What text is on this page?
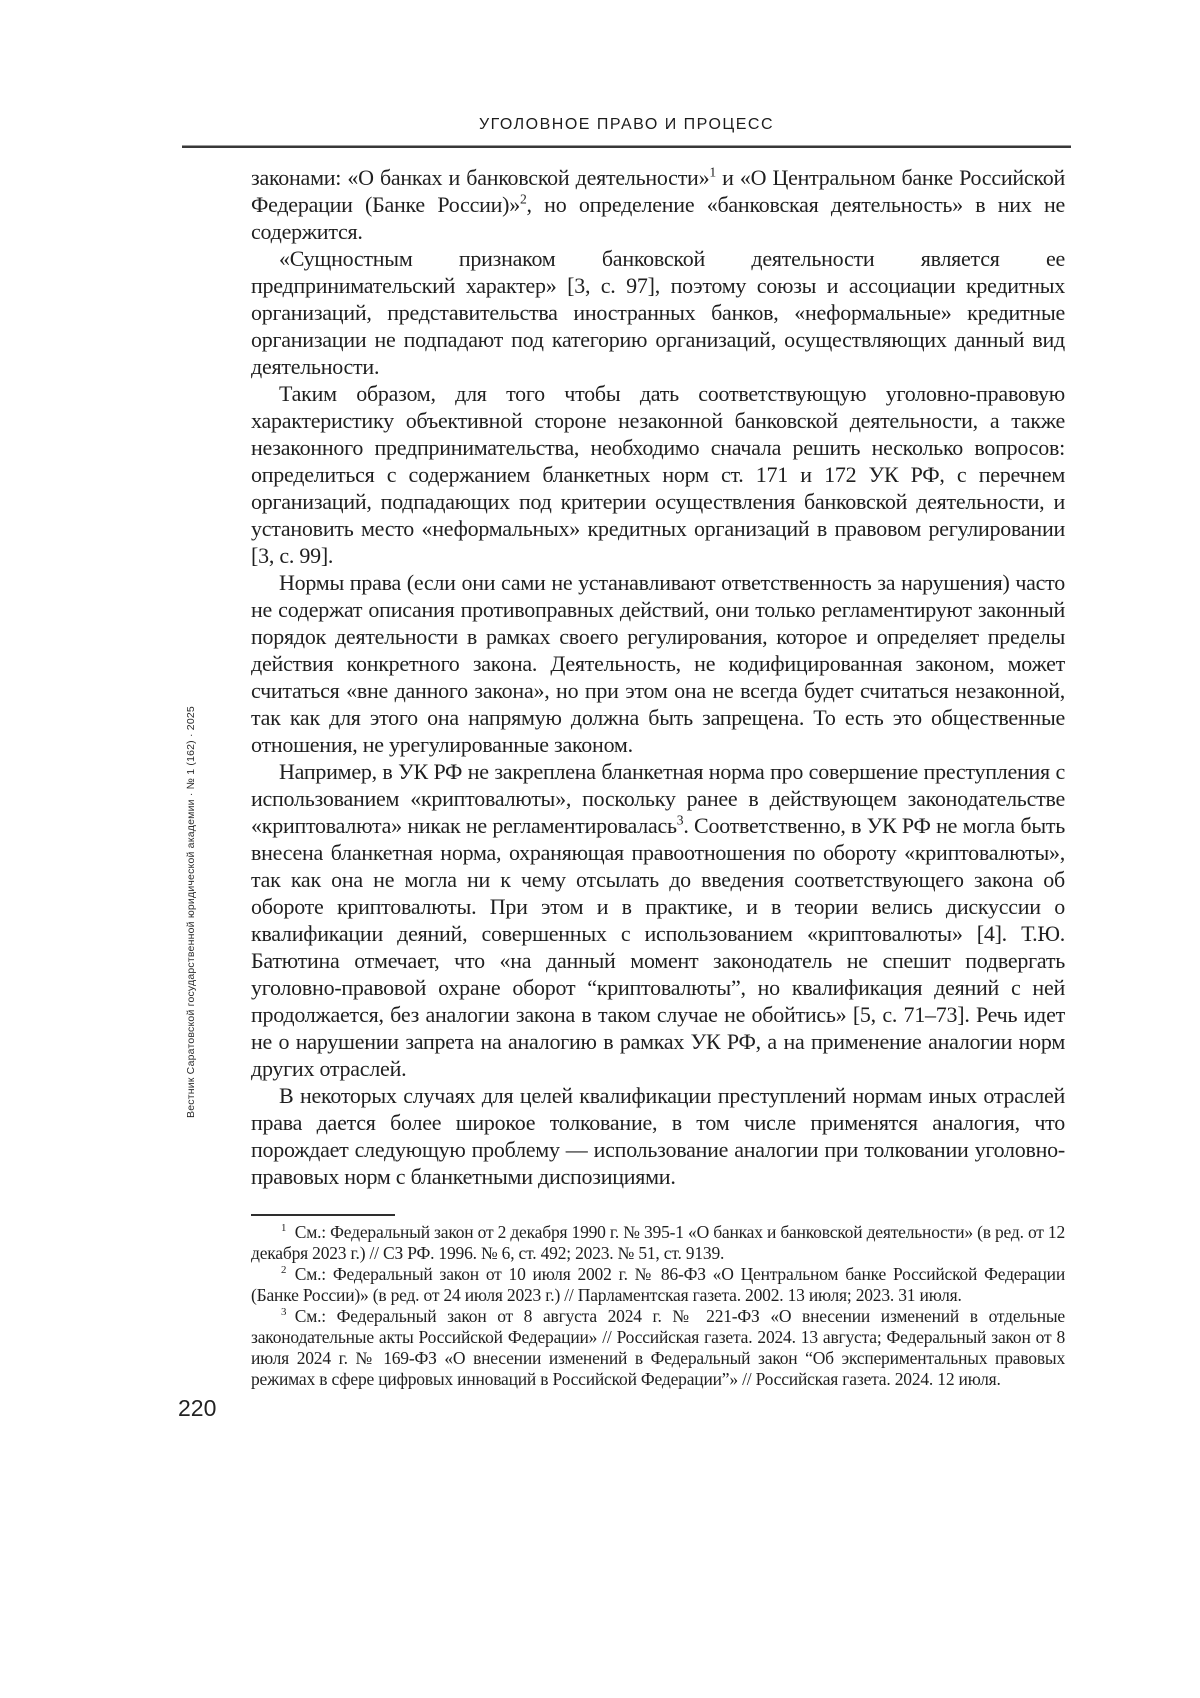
УГОЛОВНОЕ ПРАВО И ПРОЦЕСС

законами: «О банках и банковской деятельности»$^1$ и «О Центральном банке Российской Федерации (Банке России)»$^2$, но определение «банковская деятельность» в них не содержится.

«Сущностным признаком банковской деятельности является ее предпринимательский характер» [3, с. 97], поэтому союзы и ассоциации кредитных организаций, представительства иностранных банков, «неформальные» кредитные организации не подпадают под категорию организаций, осуществляющих данный вид деятельности.

Таким образом, для того чтобы дать соответствующую уголовно-правовую характеристику объективной стороне незаконной банковской деятельности, а также незаконного предпринимательства, необходимо сначала решить несколько вопросов: определиться с содержанием бланкетных норм ст. 171 и 172 УК РФ, с перечнем организаций, подпадающих под критерии осуществления банковской деятельности, и установить место «неформальных» кредитных организаций в правовом регулировании [3, с. 99].

Нормы права (если они сами не устанавливают ответственность за нарушения) часто не содержат описания противоправных действий, они только регламентируют законный порядок деятельности в рамках своего регулирования, которое и определяет пределы действия конкретного закона. Деятельность, не кодифицированная законом, может считаться «вне данного закона», но при этом она не всегда будет считаться незаконной, так как для этого она напрямую должна быть запрещена. То есть это общественные отношения, не урегулированные законом.

Например, в УК РФ не закреплена бланкетная норма про совершение преступления с использованием «криптовалюты», поскольку ранее в действующем законодательстве «криптовалюта» никак не регламентировалась$^3$. Соответственно, в УК РФ не могла быть внесена бланкетная норма, охраняющая правоотношения по обороту «криптовалюты», так как она не могла ни к чему отсылать до введения соответствующего закона об обороте криптовалюты. При этом и в практике, и в теории велись дискуссии о квалификации деяний, совершенных с использованием «криптовалюты» [4]. Т.Ю. Батютина отмечает, что «на данный момент законодатель не спешит подвергать уголовно-правовой охране оборот “криптовалюты”, но квалификация деяний с ней продолжается, без аналогии закона в таком случае не обойтись» [5, с. 71–73]. Речь идет не о нарушении запрета на аналогию в рамках УК РФ, а на применение аналогии норм других отраслей.

В некоторых случаях для целей квалификации преступлений нормам иных отраслей права дается более широкое толкование, в том числе применятся аналогия, что порождает следующую проблему — использование аналогии при толковании уголовно-правовых норм с бланкетными диспозициями.

$^1$ См.: Федеральный закон от 2 декабря 1990 г. № 395-1 «О банках и банковской деятельности» (в ред. от 12 декабря 2023 г.) // СЗ РФ. 1996. № 6, ст. 492; 2023. № 51, ст. 9139.

$^2$ См.: Федеральный закон от 10 июля 2002 г. № 86-ФЗ «О Центральном банке Российской Федерации (Банке России)» (в ред. от 24 июля 2023 г.) // Парламентская газета. 2002. 13 июля; 2023. 31 июля.

$^3$ См.: Федеральный закон от 8 августа 2024 г. № 221-ФЗ «О внесении изменений в отдельные законодательные акты Российской Федерации» // Российская газета. 2024. 13 августа; Федеральный закон от 8 июля 2024 г. № 169-ФЗ «О внесении изменений в Федеральный закон “Об экспериментальных правовых режимах в сфере цифровых инноваций в Российской Федерации”» // Российская газета. 2024. 12 июля.

220
Вестник Саратовской государственной юридической академии · № 1 (162) · 2025
